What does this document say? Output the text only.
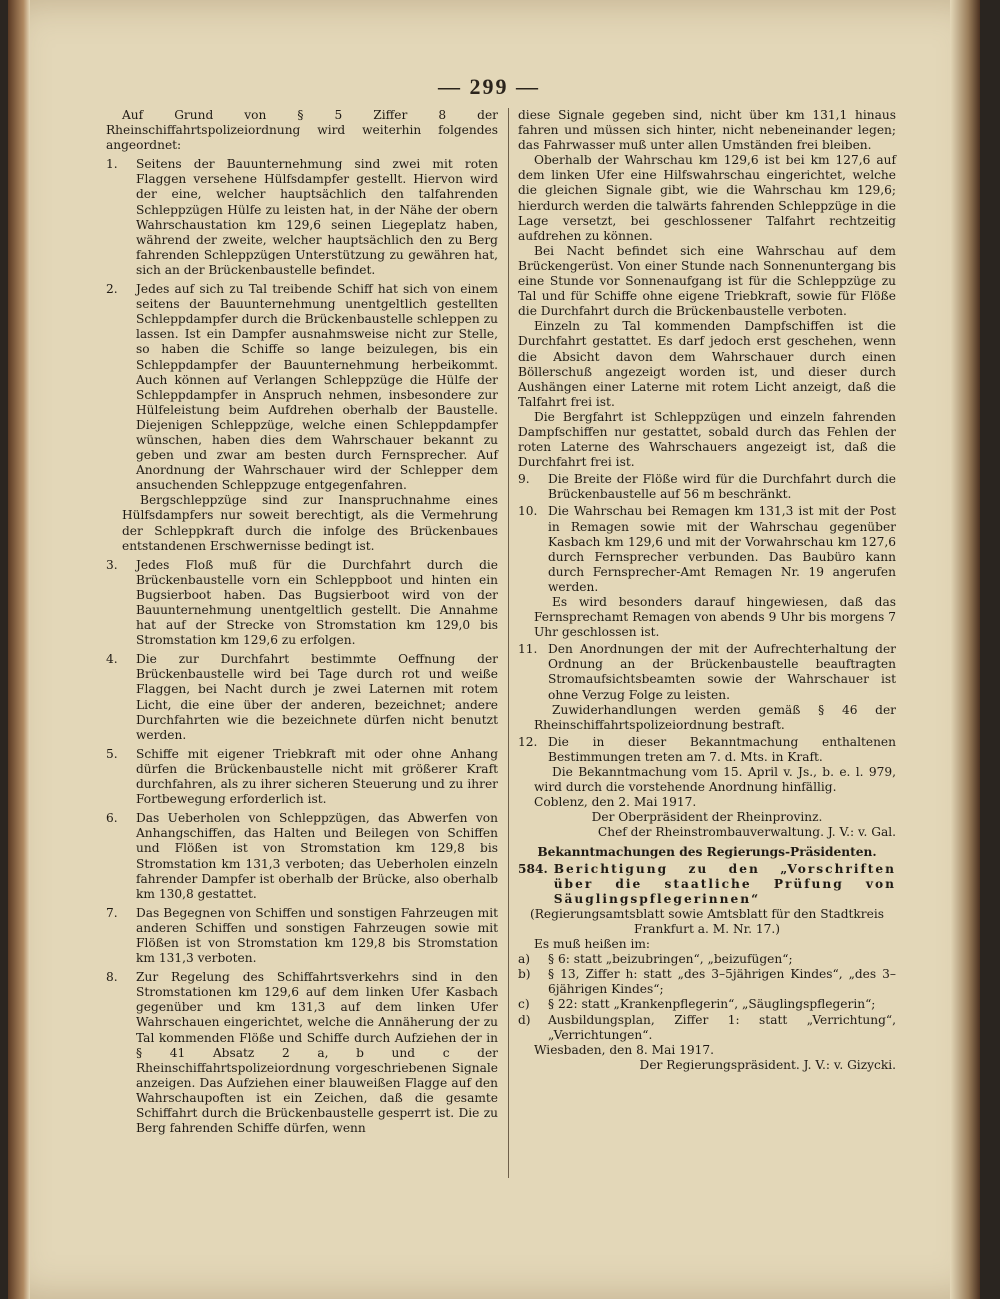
— 299 —

Auf Grund von § 5 Ziffer 8 der Rheinschiffahrtspolizeiordnung wird weiterhin folgendes angeordnet:

1.	Seitens der Bauunternehmung sind zwei mit roten Flaggen versehene Hülfsdampfer gestellt. Hiervon wird der eine, welcher hauptsächlich den talfahrenden Schleppzügen Hülfe zu leisten hat, in der Nähe der obern Wahrschaustation km 129,6 seinen Liegeplatz haben, während der zweite, welcher hauptsächlich den zu Berg fahrenden Schleppzügen Unterstützung zu gewähren hat, sich an der Brückenbaustelle befindet.
2.	Jedes auf sich zu Tal treibende Schiff hat sich von einem seitens der Bauunternehmung unentgeltlich gestellten Schleppdampfer durch die Brückenbaustelle schleppen zu lassen. Ist ein Dampfer ausnahmsweise nicht zur Stelle, so haben die Schiffe so lange beizulegen, bis ein Schleppdampfer der Bauunternehmung herbeikommt. Auch können auf Verlangen Schleppzüge die Hülfe der Schleppdampfer in Anspruch nehmen, insbesondere zur Hülfeleistung beim Aufdrehen oberhalb der Baustelle. Diejenigen Schleppzüge, welche einen Schleppdampfer wünschen, haben dies dem Wahrschauer bekannt zu geben und zwar am besten durch Fernsprecher. Auf Anordnung der Wahrschauer wird der Schlepper dem ansuchenden Schleppzuge entgegenfahren.

Bergschleppzüge sind zur Inanspruchnahme eines Hülfsdampfers nur soweit berechtigt, als die Vermehrung der Schleppkraft durch die infolge des Brückenbaues entstandenen Erschwernisse bedingt ist.

3.	Jedes Floß muß für die Durchfahrt durch die Brückenbaustelle vorn ein Schleppboot und hinten ein Bugsierboot haben. Das Bugsierboot wird von der Bauunternehmung unentgeltlich gestellt. Die Annahme hat auf der Strecke von Stromstation km 129,0 bis Stromstation km 129,6 zu erfolgen.
4.	Die zur Durchfahrt bestimmte Oeffnung der Brückenbaustelle wird bei Tage durch rot und weiße Flaggen, bei Nacht durch je zwei Laternen mit rotem Licht, die eine über der anderen, bezeichnet; andere Durchfahrten wie die bezeichnete dürfen nicht benutzt werden.
5.	Schiffe mit eigener Triebkraft mit oder ohne Anhang dürfen die Brückenbaustelle nicht mit größerer Kraft durchfahren, als zu ihrer sicheren Steuerung und zu ihrer Fortbewegung erforderlich ist.
6.	Das Ueberholen von Schleppzügen, das Abwerfen von Anhangschiffen, das Halten und Beilegen von Schiffen und Flößen ist von Stromstation km 129,8 bis Stromstation km 131,3 verboten; das Ueberholen einzeln fahrender Dampfer ist oberhalb der Brücke, also oberhalb km 130,8 gestattet.
7.	Das Begegnen von Schiffen und sonstigen Fahrzeugen mit anderen Schiffen und sonstigen Fahrzeugen sowie mit Flößen ist von Stromstation km 129,8 bis Stromstation km 131,3 verboten.
8.	Zur Regelung des Schiffahrtsverkehrs sind in den Stromstationen km 129,6 auf dem linken Ufer Kasbach gegenüber und km 131,3 auf dem linken Ufer Wahrschauen eingerichtet, welche die Annäherung der zu Tal kommenden Flöße und Schiffe durch Aufziehen der in § 41 Absatz 2 a, b und c der Rheinschiffahrtspolizeiordnung vorgeschriebenen Signale anzeigen. Das Aufziehen einer blauweißen Flagge auf den Wahrschaupoften ist ein Zeichen, daß die gesamte Schiffahrt durch die Brückenbaustelle gesperrt ist. Die zu Berg fahrenden Schiffe dürfen, wenn

diese Signale gegeben sind, nicht über km 131,1 hinaus fahren und müssen sich hinter, nicht nebeneinander legen; das Fahrwasser muß unter allen Umständen frei bleiben.

Oberhalb der Wahrschau km 129,6 ist bei km 127,6 auf dem linken Ufer eine Hilfswahrschau eingerichtet, welche die gleichen Signale gibt, wie die Wahrschau km 129,6; hierdurch werden die talwärts fahrenden Schleppzüge in die Lage versetzt, bei geschlossener Talfahrt rechtzeitig aufdrehen zu können.

Bei Nacht befindet sich eine Wahrschau auf dem Brückengerüst. Von einer Stunde nach Sonnenuntergang bis eine Stunde vor Sonnenaufgang ist für die Schleppzüge zu Tal und für Schiffe ohne eigene Triebkraft, sowie für Flöße die Durchfahrt durch die Brückenbaustelle verboten.

Einzeln zu Tal kommenden Dampfschiffen ist die Durchfahrt gestattet. Es darf jedoch erst geschehen, wenn die Absicht davon dem Wahrschauer durch einen Böllerschuß angezeigt worden ist, und dieser durch Aushängen einer Laterne mit rotem Licht anzeigt, daß die Talfahrt frei ist.

Die Bergfahrt ist Schleppzügen und einzeln fahrenden Dampfschiffen nur gestattet, sobald durch das Fehlen der roten Laterne des Wahrschauers angezeigt ist, daß die Durchfahrt frei ist.

9.	Die Breite der Flöße wird für die Durchfahrt durch die Brückenbaustelle auf 56 m beschränkt.
10. Die Wahrschau bei Remagen km 131,3 ist mit der Post in Remagen sowie mit der Wahrschau gegenüber Kasbach km 129,6 und mit der Vorwahrschau km 127,6 durch Fernsprecher verbunden. Das Baubüro kann durch Fernsprecher-Amt Remagen Nr. 19 angerufen werden.

Es wird besonders darauf hingewiesen, daß das Fernsprechamt Remagen von abends 9 Uhr bis morgens 7 Uhr geschlossen ist.

11. Den Anordnungen der mit der Aufrechterhaltung der Ordnung an der Brückenbaustelle beauftragten Stromaufsichtsbeamten sowie der Wahrschauer ist ohne Verzug Folge zu leisten.

Zuwiderhandlungen werden gemäß § 46 der Rheinschiffahrtspolizeiordnung bestraft.

12. Die in dieser Bekanntmachung enthaltenen Bestimmungen treten am 7. d. Mts. in Kraft.

Die Bekanntmachung vom 15. April v. Js., b. e. l. 979, wird durch die vorstehende Anordnung hinfällig.

Coblenz, den 2. Mai 1917.

Der Oberpräsident der Rheinprovinz.

Chef der Rheinstrombauverwaltung. J. V.: v. Gal.

Bekanntmachungen des Regierungs-Präsidenten.

584. Berichtigung zu den „Vorschriften über die staatliche Prüfung von Säuglingspflegerinnen“

(Regierungsamtsblatt sowie Amtsblatt für den Stadtkreis Frankfurt a. M. Nr. 17.)

Es muß heißen im:

a)	§ 6: statt „beizubringen“, „beizufügen“;
b)	§ 13, Ziffer h: statt „des 3–5jährigen Kindes“, „des 3–6jährigen Kindes“;
c)	§ 22: statt „Krankenpflegerin“, „Säuglingspflegerin“;
d)	Ausbildungsplan, Ziffer 1: statt „Verrichtung“, „Verrichtungen“.

Wiesbaden, den 8. Mai 1917.

Der Regierungspräsident. J. V.: v. Gizycki.
